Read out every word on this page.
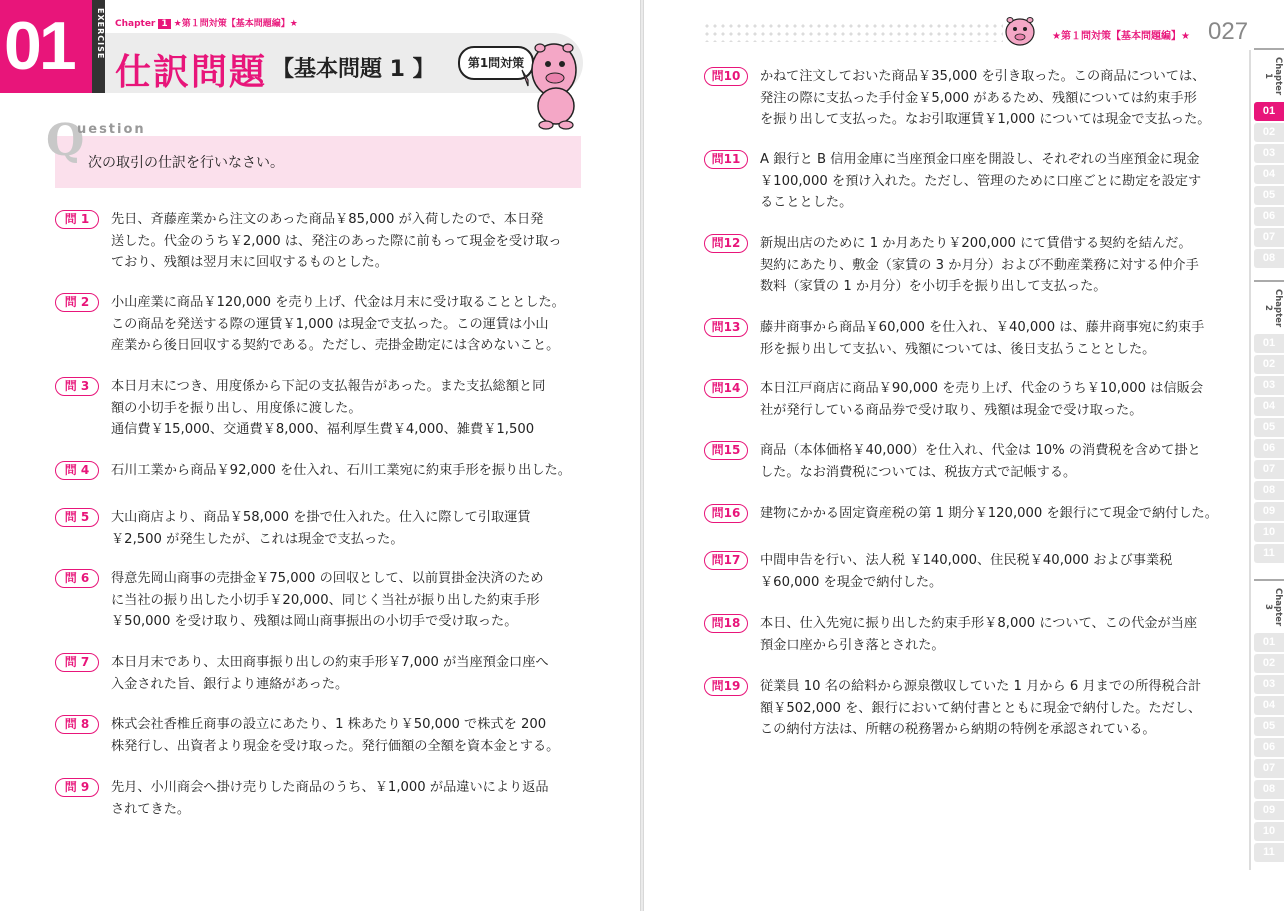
01	EXERCISE Chapter 1 ★第１問対策【基本問題編】★
仕訳問題 【基本問題 1 】	第1問対策
Q
uestion
次の取引の仕訳を行いなさい。
問 1	先日、斉藤産業から注文のあった商品￥85,000 が入荷したので、本日発
送した。代金のうち￥2,000 は、発注のあった際に前もって現金を受け取っ
ており、残額は翌月末に回収するものとした。
問 2	小山産業に商品￥120,000 を売り上げ、代金は月末に受け取ることとした。
この商品を発送する際の運賃￥1,000 は現金で支払った。この運賃は小山
産業から後日回収する契約である。ただし、売掛金勘定には含めないこと。
問 3	本日月末につき、用度係から下記の支払報告があった。また支払総額と同
額の小切手を振り出し、用度係に渡した。
通信費￥15,000、交通費￥8,000、福利厚生費￥4,000、雑費￥1,500
問 4	石川工業から商品￥92,000 を仕入れ、石川工業宛に約束手形を振り出した。
問 5	大山商店より、商品￥58,000 を掛で仕入れた。仕入に際して引取運賃
￥2,500 が発生したが、これは現金で支払った。
問 6	得意先岡山商事の売掛金￥75,000 の回収として、以前買掛金決済のため
に当社の振り出した小切手￥20,000、同じく当社が振り出した約束手形
￥50,000 を受け取り、残額は岡山商事振出の小切手で受け取った。
問 7	本日月末であり、太田商事振り出しの約束手形￥7,000 が当座預金口座へ
入金された旨、銀行より連絡があった。
問 8	株式会社香椎丘商事の設立にあたり、1 株あたり￥50,000 で株式を 200
株発行し、出資者より現金を受け取った。発行価額の全額を資本金とする。
問 9	先月、小川商会へ掛け売りした商品のうち、￥1,000 が品違いにより返品
されてきた。
★第１問対策【基本問題編】★ 027
問10	かねて注文しておいた商品￥35,000 を引き取った。この商品については、
発注の際に支払った手付金￥5,000 があるため、残額については約束手形
を振り出して支払った。なお引取運賃￥1,000 については現金で支払った。
問11	A 銀行と B 信用金庫に当座預金口座を開設し、それぞれの当座預金に現金
￥100,000 を預け入れた。ただし、管理のために口座ごとに勘定を設定す
ることとした。
問12	新規出店のために 1 か月あたり￥200,000 にて賃借する契約を結んだ。
契約にあたり、敷金（家賃の 3 か月分）および不動産業務に対する仲介手
数料（家賃の 1 か月分）を小切手を振り出して支払った。
問13	藤井商事から商品￥60,000 を仕入れ、￥40,000 は、藤井商事宛に約束手
形を振り出して支払い、残額については、後日支払うこととした。
問14	本日江戸商店に商品￥90,000 を売り上げ、代金のうち￥10,000 は信販会
社が発行している商品券で受け取り、残額は現金で受け取った。
問15	商品（本体価格￥40,000）を仕入れ、代金は 10% の消費税を含めて掛と
した。なお消費税については、税抜方式で記帳する。
問16	建物にかかる固定資産税の第 1 期分￥120,000 を銀行にて現金で納付した。
問17	中間申告を行い、法人税 ￥140,000、住民税￥40,000 および事業税
￥60,000 を現金で納付した。
問18	本日、仕入先宛に振り出した約束手形￥8,000 について、この代金が当座
預金口座から引き落とされた。
問19	従業員 10 名の給料から源泉徴収していた 1 月から 6 月までの所得税合計
額￥502,000 を、銀行において納付書とともに現金で納付した。ただし、
この納付方法は、所轄の税務署から納期の特例を承認されている。
Chapter 1
01
02
03
04
05
06
07
08
Chapter 2
01
02
03
04
05
06
07
08
09
10
11
Chapter 3
01
02
03
04
05
06
07
08
09
10
11
